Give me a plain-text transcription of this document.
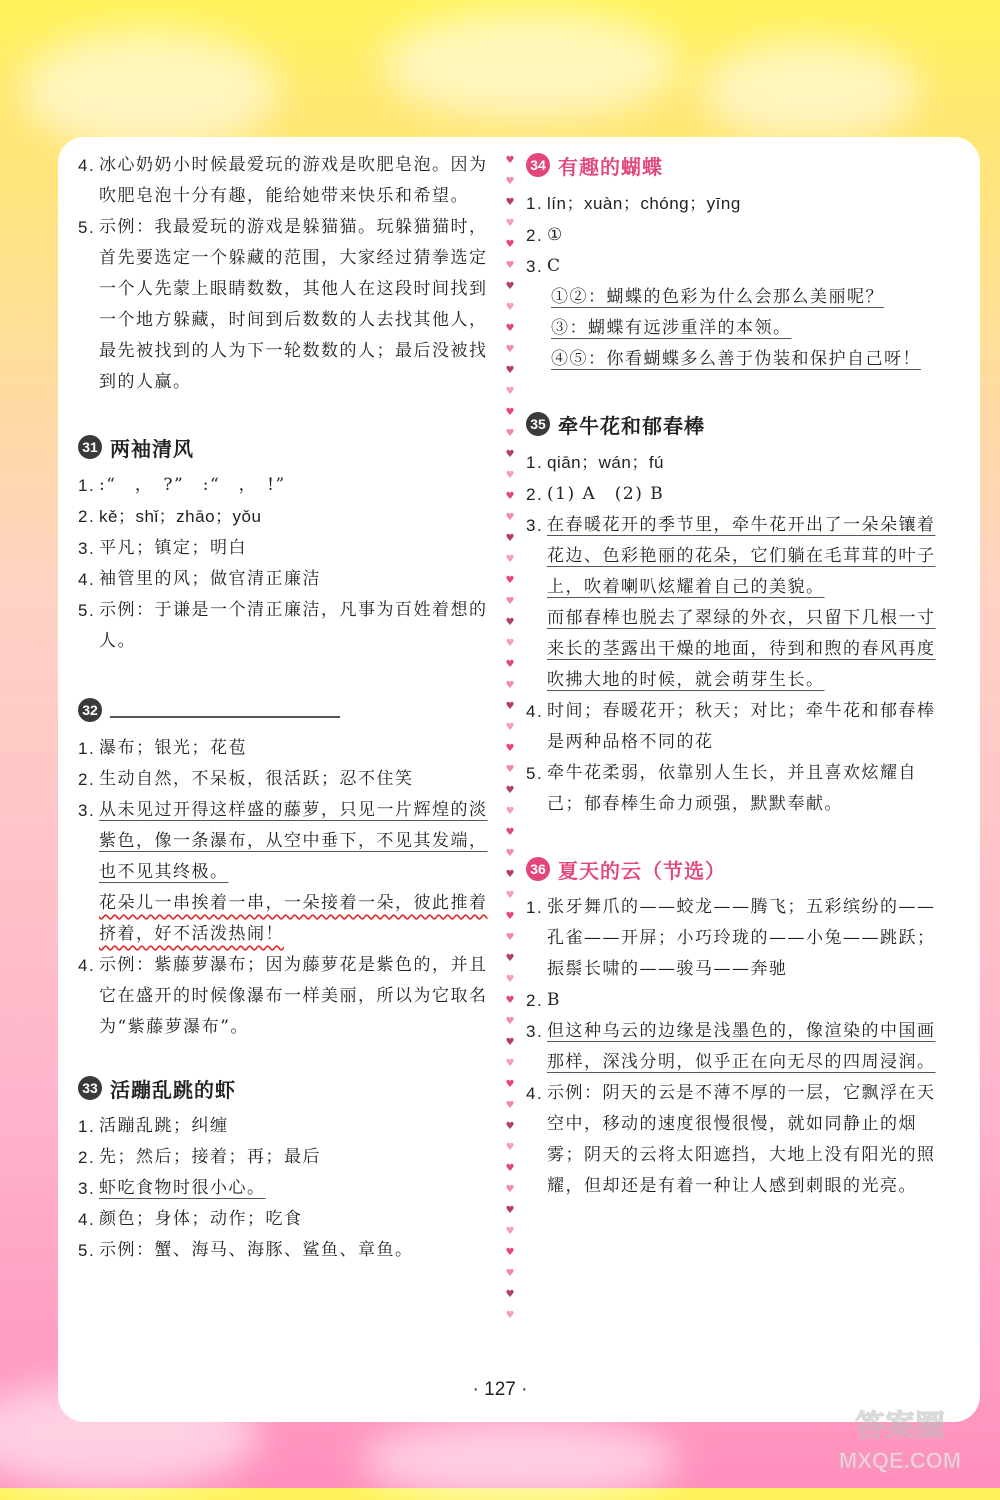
♥
♥
♥
♥
♥
♥
♥
♥
♥
♥
♥
♥
♥
♥
♥
♥
♥
♥
♥
♥
♥
♥
♥
♥
♥
♥
♥
♥
♥
♥
♥
♥
♥
♥
♥
♥
♥
♥
♥
♥
♥
♥
♥
♥
♥
♥
♥
♥
♥
♥
♥
♥
♥
♥
♥
♥
4. 冰心奶奶小时候最爱玩的游戏是吹肥皂泡。因为吹肥皂泡十分有趣，能给她带来快乐和希望。
5. 示例：我最爱玩的游戏是躲猫猫。玩躲猫猫时，首先要选定一个躲藏的范围，大家经过猜拳选定一个人先蒙上眼睛数数，其他人在这段时间找到一个地方躲藏，时间到后数数的人去找其他人，最先被找到的人为下一轮数数的人；最后没被找到的人赢。
31 两袖清风
1. :“　，　?”　:“　，　!”
2. kě；shǐ；zhāo；yǒu
3. 平凡；镇定；明白
4. 袖管里的风；做官清正廉洁
5. 示例：于谦是一个清正廉洁，凡事为百姓着想的人。
32
1. 瀑布；银光；花苞
2. 生动自然，不呆板，很活跃；忍不住笑
3. 从未见过开得这样盛的藤萝，只见一片辉煌的淡紫色，像一条瀑布，从空中垂下，不见其发端，也不见其终极。
花朵儿一串挨着一串，一朵接着一朵，彼此推着挤着，好不活泼热闹！
4. 示例：紫藤萝瀑布；因为藤萝花是紫色的，并且它在盛开的时候像瀑布一样美丽，所以为它取名为“紫藤萝瀑布”。
33 活蹦乱跳的虾
1. 活蹦乱跳；纠缠
2. 先；然后；接着；再；最后
3. 虾吃食物时很小心。
4. 颜色；身体；动作；吃食
5. 示例：蟹、海马、海豚、鲨鱼、章鱼。
34 有趣的蝴蝶
1. lín；xuàn；chóng；yīng
2. ①
3. C
①②：蝴蝶的色彩为什么会那么美丽呢？
③：蝴蝶有远涉重洋的本领。
④⑤：你看蝴蝶多么善于伪装和保护自己呀！
35 牵牛花和郁春棒
1. qiān；wán；fú
2. (1) A　(2) B
3. 在春暖花开的季节里，牵牛花开出了一朵朵镶着花边、色彩艳丽的花朵，它们躺在毛茸茸的叶子上，吹着喇叭炫耀着自己的美貌。
而郁春棒也脱去了翠绿的外衣，只留下几根一寸来长的茎露出干燥的地面，待到和煦的春风再度吹拂大地的时候，就会萌芽生长。
4. 时间；春暖花开；秋天；对比；牵牛花和郁春棒是两种品格不同的花
5. 牵牛花柔弱，依靠别人生长，并且喜欢炫耀自己；郁春棒生命力顽强，默默奉献。
36 夏天的云（节选）
1. 张牙舞爪的——蛟龙——腾飞；五彩缤纷的——孔雀——开屏；小巧玲珑的——小兔——跳跃；振鬃长啸的——骏马——奔驰
2. B
3. 但这种乌云的边缘是浅墨色的，像渲染的中国画那样，深浅分明，似乎正在向无尽的四周浸润。
4. 示例：阴天的云是不薄不厚的一层，它飘浮在天空中，移动的速度很慢很慢，就如同静止的烟雾；阴天的云将太阳遮挡，大地上没有阳光的照耀，但却还是有着一种让人感到刺眼的光亮。
· 127 ·
答案圈
MXQE.COM
